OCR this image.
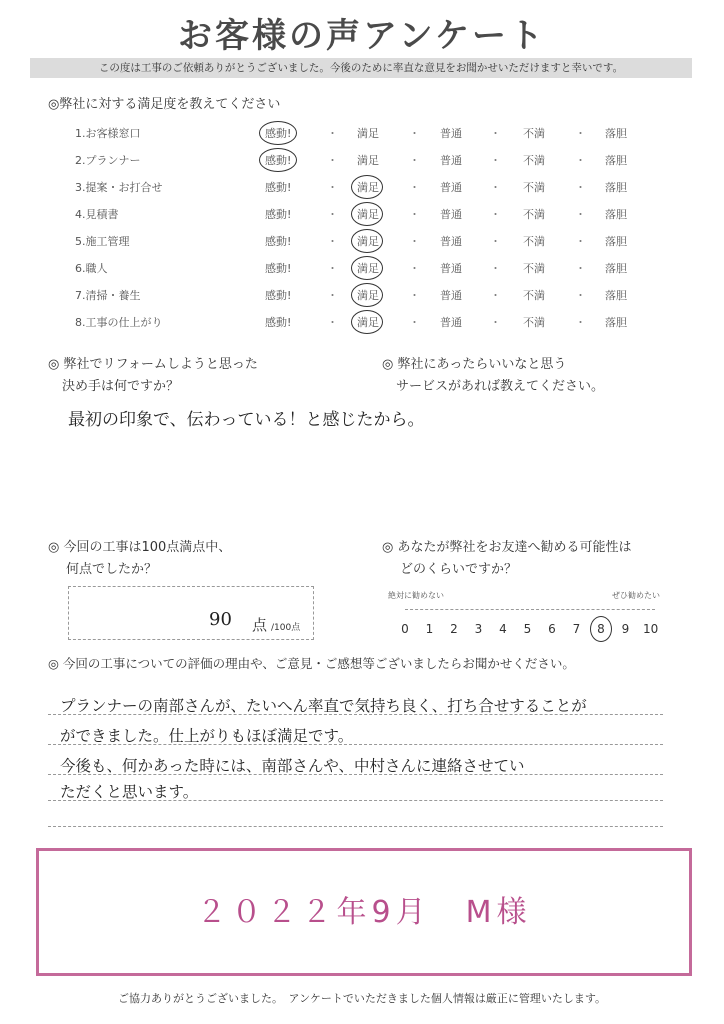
お客様の声アンケート
この度は工事のご依頼ありがとうございました。今後のために率直な意見をお聞かせいただけますと幸いです。
◎弊社に対する満足度を教えてください
1.お客様窓口	感動!	・ 満足	・ 普通	・ 不満	・ 落胆
2.プランナー	感動!	・ 満足	・ 普通	・ 不満	・ 落胆
3.提案・お打合せ	感動!	・ 満足	・ 普通	・ 不満	・ 落胆
4.見積書	感動!	・ 満足	・ 普通	・ 不満	・ 落胆
5.施工管理	感動!	・ 満足	・ 普通	・ 不満	・ 落胆
6.職人	感動!	・ 満足	・ 普通	・ 不満	・ 落胆
7.清掃・養生	感動!	・ 満足	・ 普通	・ 不満	・ 落胆
8.工事の仕上がり	感動!	・ 満足	・ 普通	・ 不満	・ 落胆
◎ 弊社でリフォームしようと思った
決め手は何ですか？
最初の印象で、伝わっている！と感じたから。
◎ 弊社にあったらいいなと思う
サービスがあれば教えてください。
◎ 今回の工事は100点満点中、
何点でしたか？
90 点 /100点
◎ あなたが弊社をお友達へ勧める可能性は
どのくらいですか？
絶対に勧めない	ぜひ勧めたい
0 1 2 3 4 5 6 7 8 9 10
◎ 今回の工事についての評価の理由や、ご意見・ご感想等ございましたらお聞かせください。
プランナーの南部さんが、たいへん率直で気持ち良く、打ち合せすることが
ができました。仕上がりもほぼ満足です。
今後も、何かあった時には、南部さんや、中村さんに連絡させてい
ただくと思います。
２０２２年9月　M様
ご協力ありがとうございました。　アンケートでいただきました個人情報は厳正に管理いたします。
